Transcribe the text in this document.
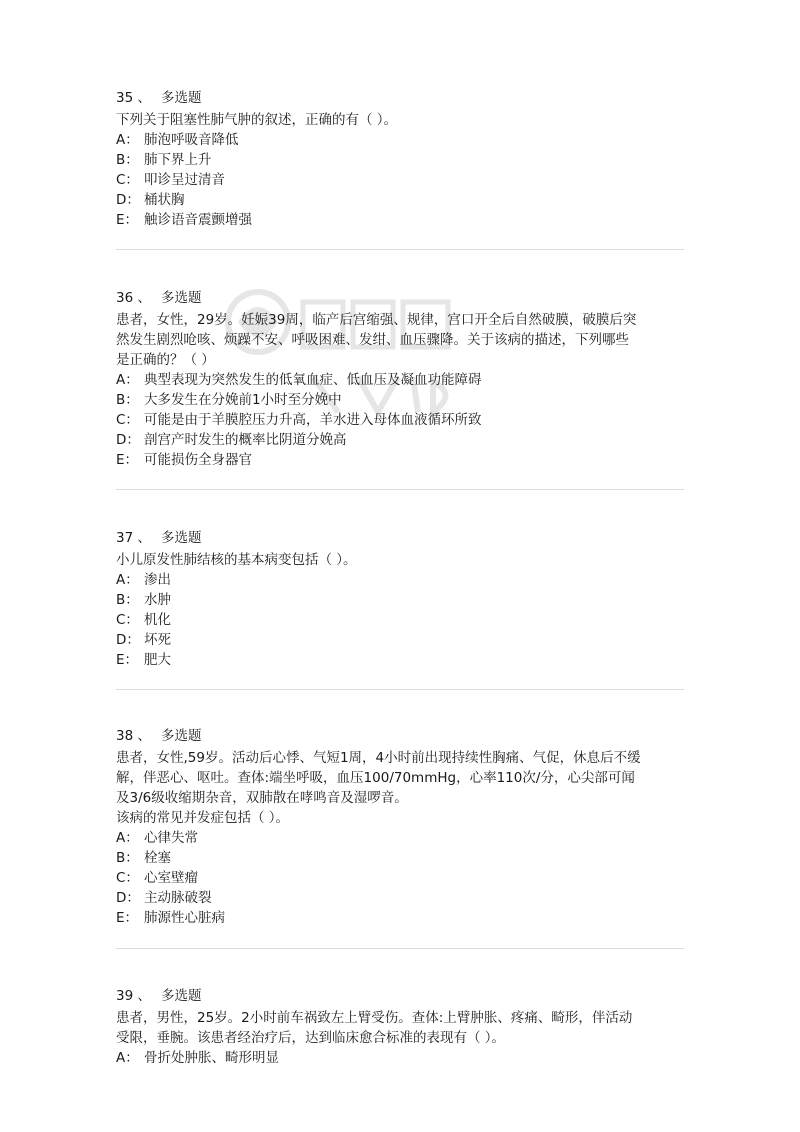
35 、 多选题
下列关于阻塞性肺气肿的叙述，正确的有（ ）。
A： 肺泡呼吸音降低
B： 肺下界上升
C： 叩诊呈过清音
D： 桶状胸
E： 触诊语音震颤增强
36 、 多选题
患者，女性，29岁。妊娠39周，临产后宫缩强、规律，宫口开全后自然破膜，破膜后突
然发生剧烈呛咳、烦躁不安、呼吸困难、发绀、血压骤降。关于该病的描述，下列哪些
是正确的？（ ）
A： 典型表现为突然发生的低氧血症、低血压及凝血功能障碍
B： 大多发生在分娩前1小时至分娩中
C： 可能是由于羊膜腔压力升高，羊水进入母体血液循环所致
D： 剖宫产时发生的概率比阴道分娩高
E： 可能损伤全身器官
37 、 多选题
小儿原发性肺结核的基本病变包括（ ）。
A： 渗出
B： 水肿
C： 机化
D： 坏死
E： 肥大
38 、 多选题
患者，女性,59岁。活动后心悸、气短1周，4小时前出现持续性胸痛、气促，休息后不缓
解，伴恶心、呕吐。查体:端坐呼吸，血压100/70mmHg，心率110次/分，心尖部可闻
及3/6级收缩期杂音，双肺散在哮鸣音及湿啰音。
该病的常见并发症包括（ ）。
A： 心律失常
B： 栓塞
C： 心室壁瘤
D： 主动脉破裂
E： 肺源性心脏病
39 、 多选题
患者，男性，25岁。2小时前车祸致左上臂受伤。查体:上臂肿胀、疼痛、畸形，伴活动
受限，垂腕。该患者经治疗后，达到临床愈合标准的表现有（ ）。
A： 骨折处肿胀、畸形明显
